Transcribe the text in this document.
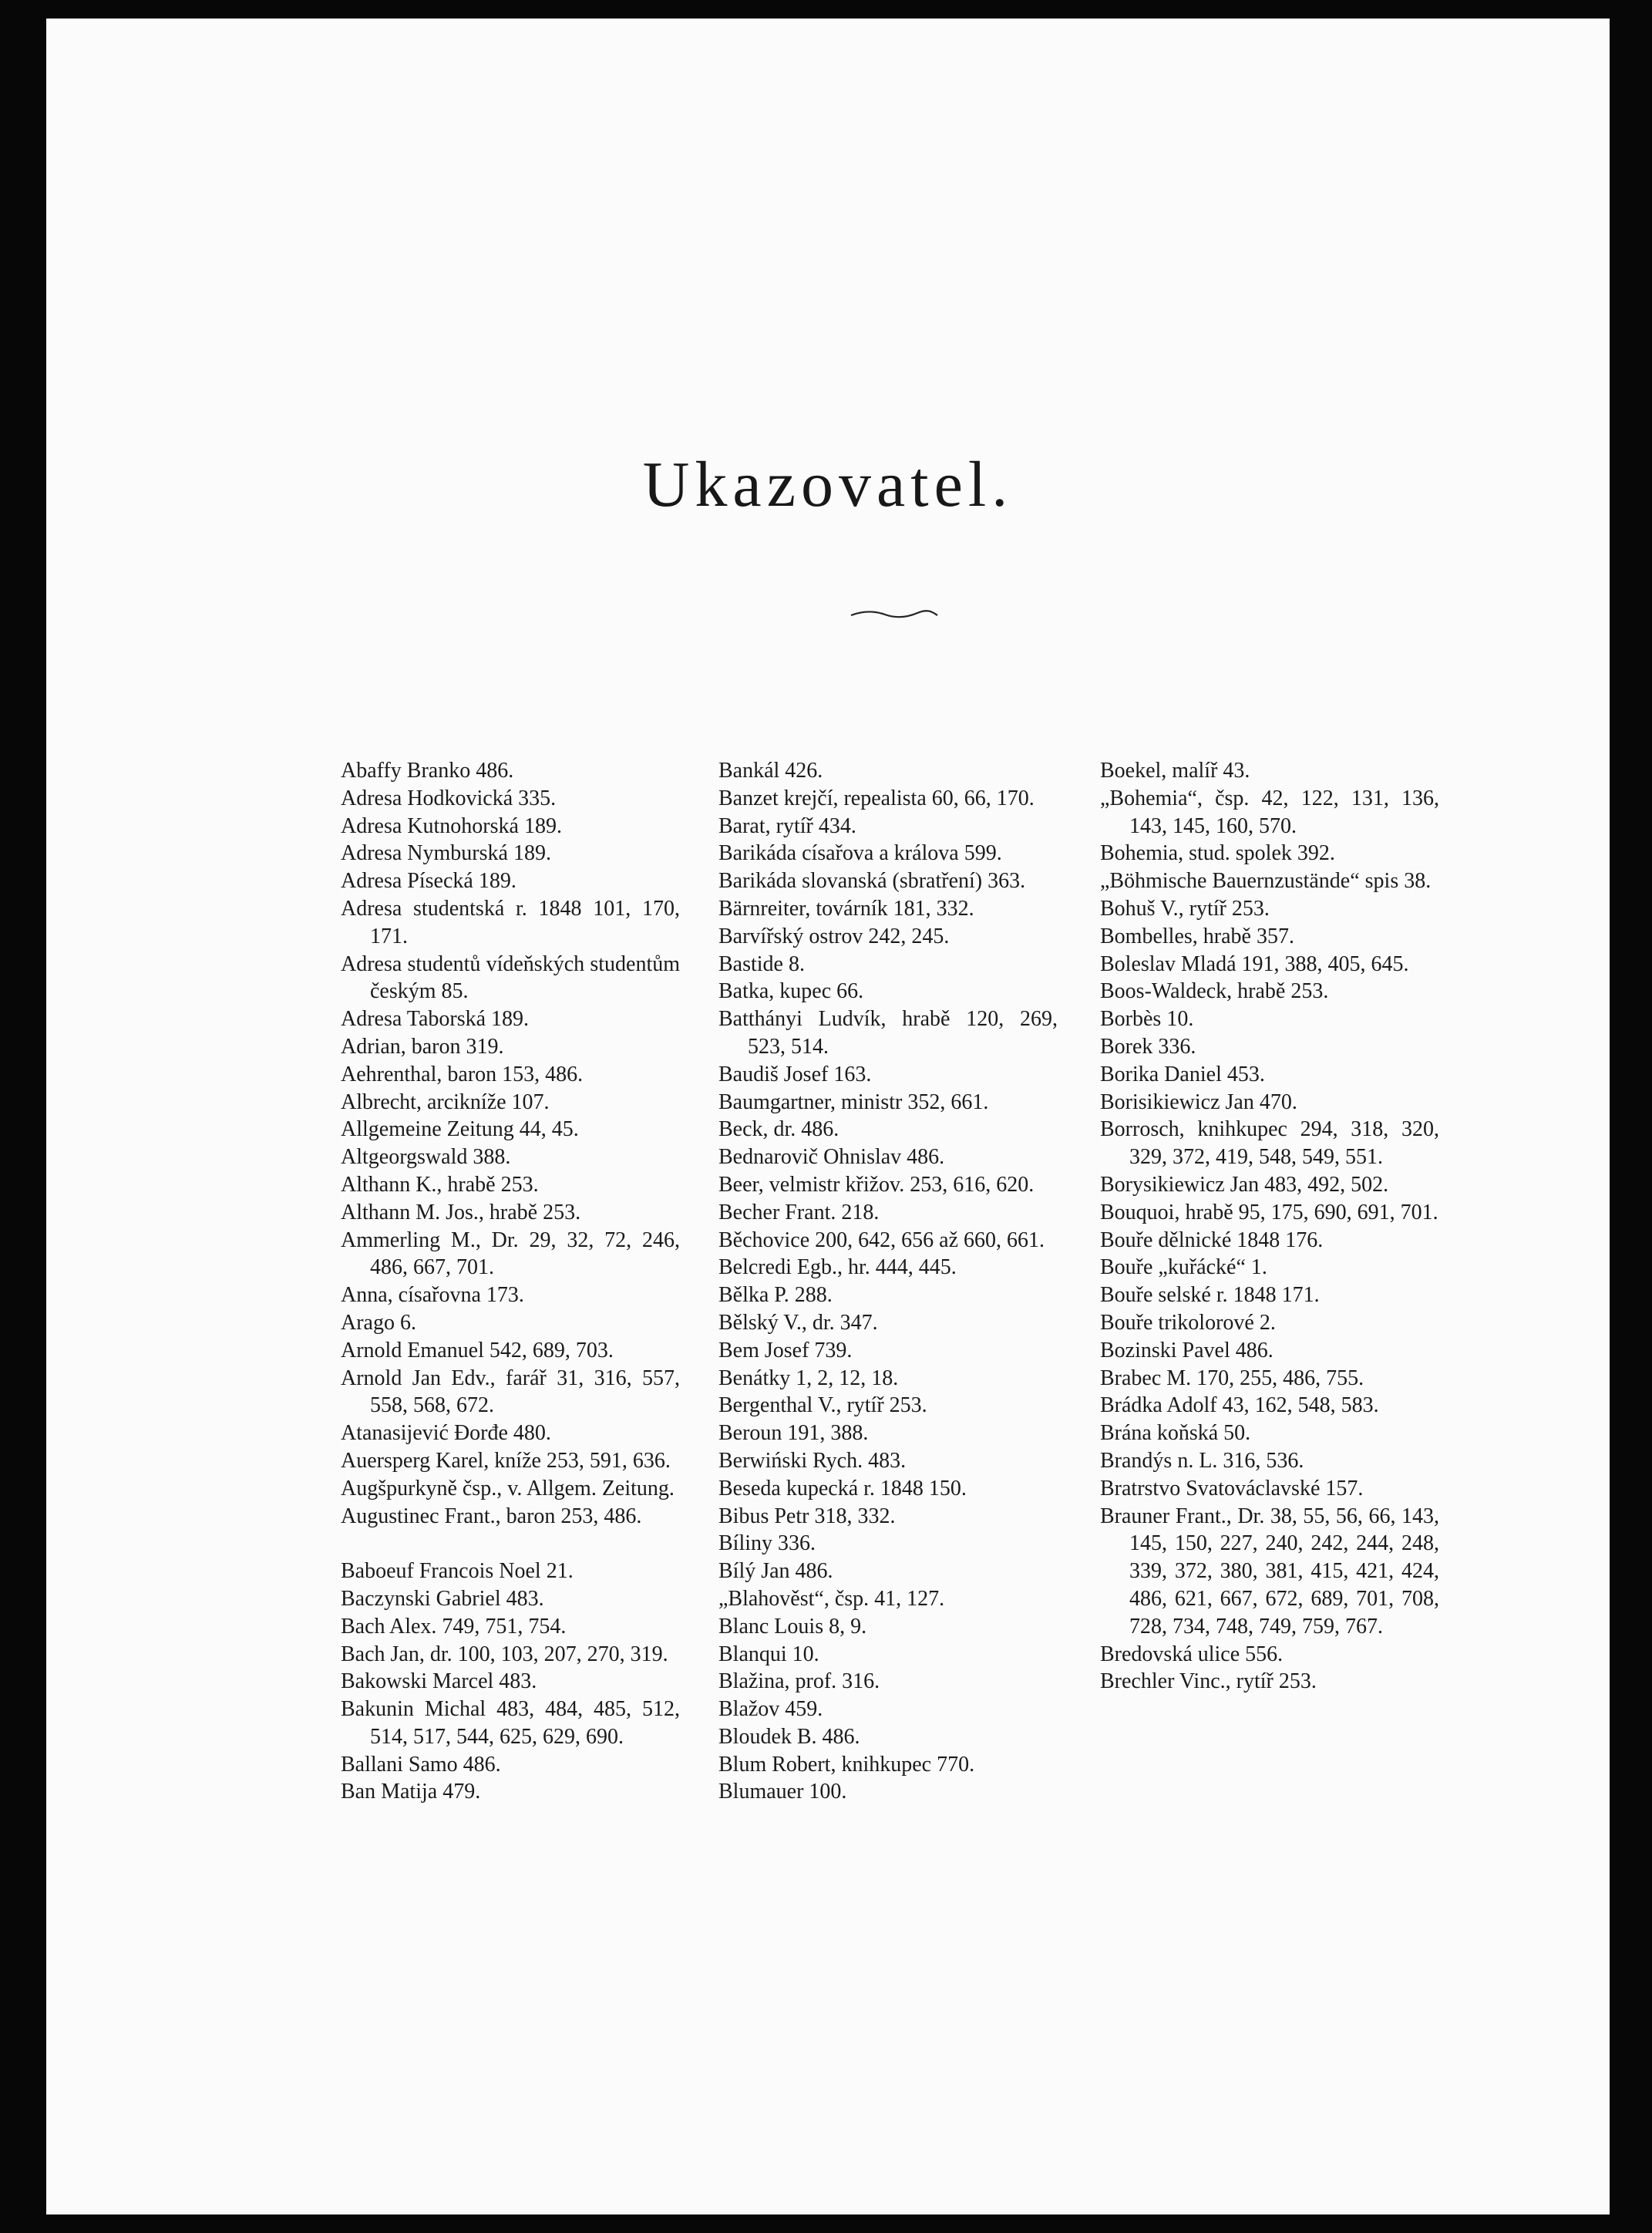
Ukazovatel.
Abaffy Branko 486.
Adresa Hodkovická 335.
Adresa Kutnohorská 189.
Adresa Nymburská 189.
Adresa Písecká 189.
Adresa studentská r. 1848 101, 170, 171.
Adresa studentů vídeňských studentům českým 85.
Adresa Taborská 189.
Adrian, baron 319.
Aehrenthal, baron 153, 486.
Albrecht, arcikníže 107.
Allgemeine Zeitung 44, 45.
Altgeorgswald 388.
Althann K., hrabě 253.
Althann M. Jos., hrabě 253.
Ammerling M., Dr. 29, 32, 72, 246, 486, 667, 701.
Anna, císařovna 173.
Arago 6.
Arnold Emanuel 542, 689, 703.
Arnold Jan Edv., farář 31, 316, 557, 558, 568, 672.
Atanasijević Đorđe 480.
Auersperg Karel, kníže 253, 591, 636.
Augšpurkyně čsp., v. Allgem. Zeitung.
Augustinec Frant., baron 253, 486.
Baboeuf Francois Noel 21.
Baczynski Gabriel 483.
Bach Alex. 749, 751, 754.
Bach Jan, dr. 100, 103, 207, 270, 319.
Bakowski Marcel 483.
Bakunin Michal 483, 484, 485, 512, 514, 517, 544, 625, 629, 690.
Ballani Samo 486.
Ban Matija 479.
Bankál 426.
Banzet krejčí, repealista 60, 66, 170.
Barat, rytíř 434.
Barikáda císařova a králova 599.
Barikáda slovanská (sbratření) 363.
Bärnreiter, továrník 181, 332.
Barvířský ostrov 242, 245.
Bastide 8.
Batka, kupec 66.
Batthányi Ludvík, hrabě 120, 269, 523, 514.
Baudiš Josef 163.
Baumgartner, ministr 352, 661.
Beck, dr. 486.
Bednarovič Ohnislav 486.
Beer, velmistr křižov. 253, 616, 620.
Becher Frant. 218.
Běchovice 200, 642, 656 až 660, 661.
Belcredi Egb., hr. 444, 445.
Bělka P. 288.
Bělský V., dr. 347.
Bem Josef 739.
Benátky 1, 2, 12, 18.
Bergenthal V., rytíř 253.
Beroun 191, 388.
Berwiński Rych. 483.
Beseda kupecká r. 1848 150.
Bibus Petr 318, 332.
Bíliny 336.
Bílý Jan 486.
„Blahověst“, čsp. 41, 127.
Blanc Louis 8, 9.
Blanqui 10.
Blažina, prof. 316.
Blažov 459.
Bloudek B. 486.
Blum Robert, knihkupec 770.
Blumauer 100.
Boekel, malíř 43.
„Bohemia“, čsp. 42, 122, 131, 136, 143, 145, 160, 570.
Bohemia, stud. spolek 392.
„Böhmische Bauernzustände“ spis 38.
Bohuš V., rytíř 253.
Bombelles, hrabě 357.
Boleslav Mladá 191, 388, 405, 645.
Boos-Waldeck, hrabě 253.
Borbès 10.
Borek 336.
Borika Daniel 453.
Borisikiewicz Jan 470.
Borrosch, knihkupec 294, 318, 320, 329, 372, 419, 548, 549, 551.
Borysikiewicz Jan 483, 492, 502.
Bouquoi, hrabě 95, 175, 690, 691, 701.
Bouře dělnické 1848 176.
Bouře „kuřácké“ 1.
Bouře selské r. 1848 171.
Bouře trikolorové 2.
Bozinski Pavel 486.
Brabec M. 170, 255, 486, 755.
Brádka Adolf 43, 162, 548, 583.
Brána koňská 50.
Brandýs n. L. 316, 536.
Bratrstvo Svatováclavské 157.
Brauner Frant., Dr. 38, 55, 56, 66, 143, 145, 150, 227, 240, 242, 244, 248, 339, 372, 380, 381, 415, 421, 424, 486, 621, 667, 672, 689, 701, 708, 728, 734, 748, 749, 759, 767.
Bredovská ulice 556.
Brechler Vinc., rytíř 253.
